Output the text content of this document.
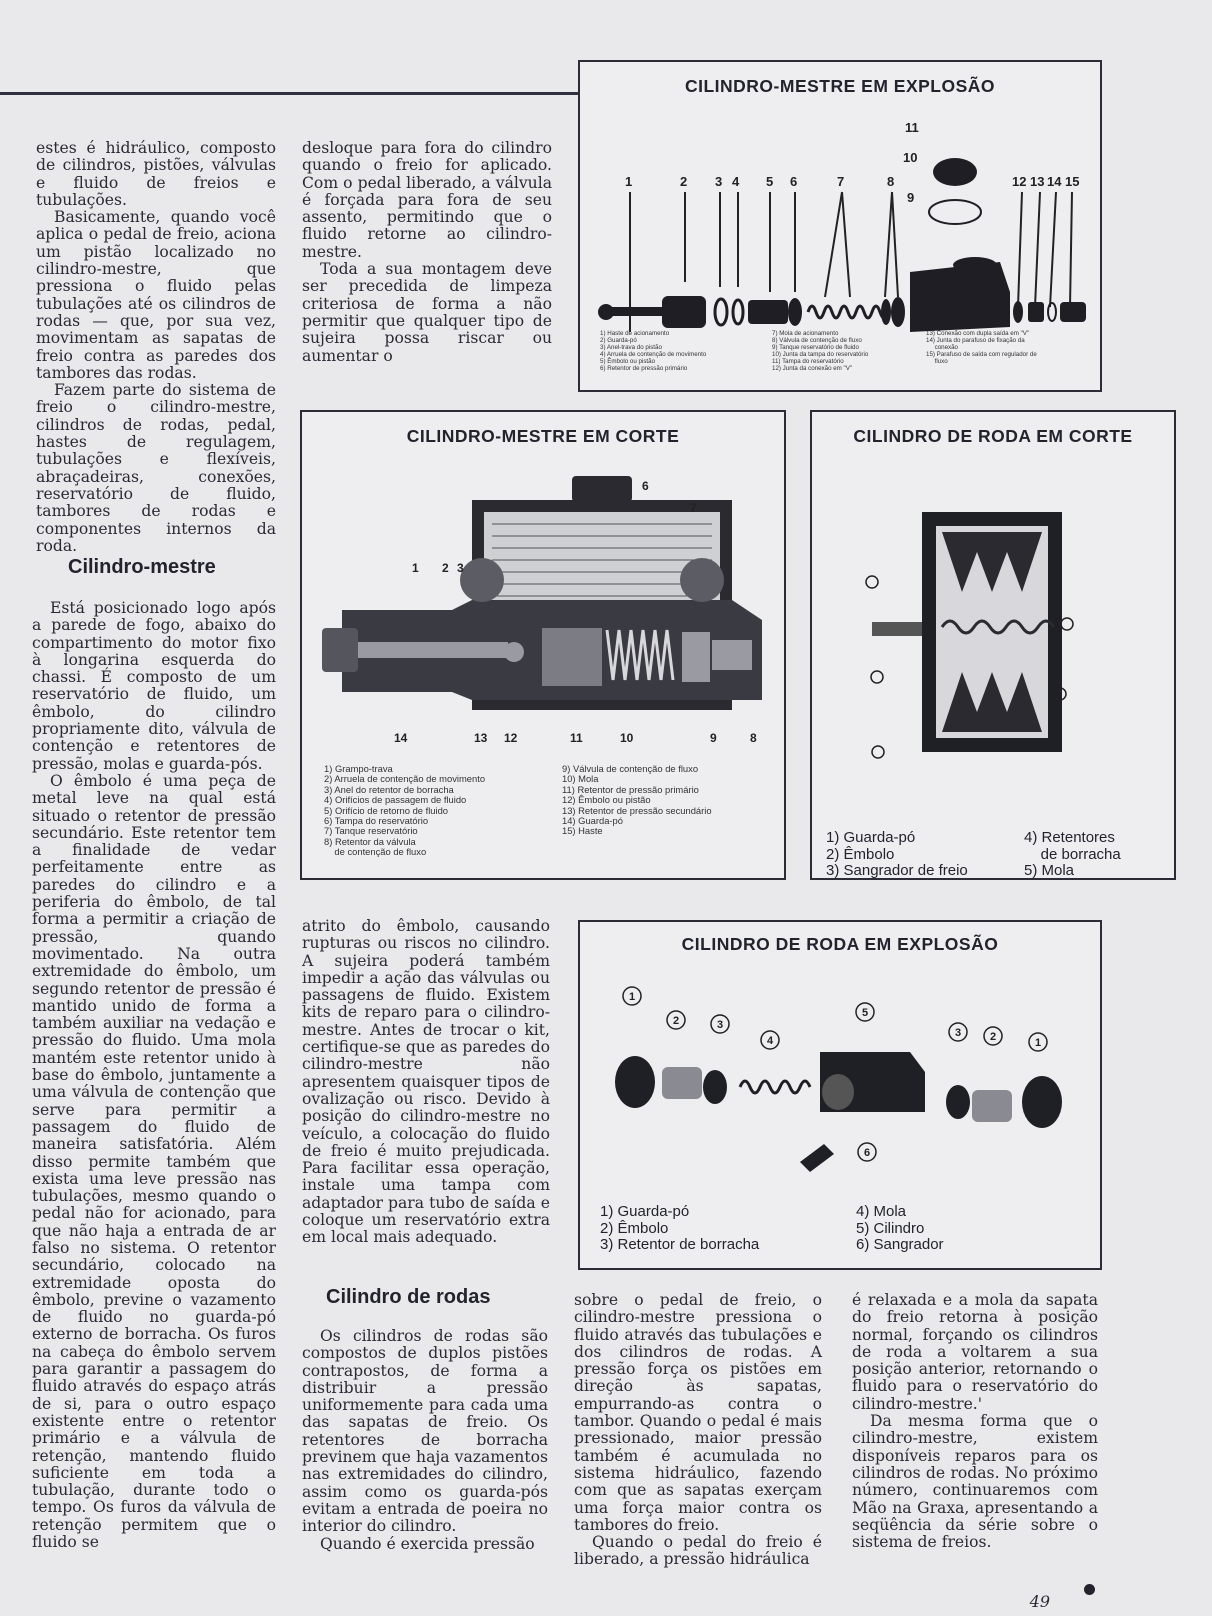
estes é hidráulico, composto de cilindros, pistões, válvulas e fluido de freios e tubulações.

Basicamente, quando você aplica o pedal de freio, aciona um pistão localizado no cilindro-mestre, que pressiona o fluido pelas tubulações até os cilindros de rodas — que, por sua vez, movimentam as sapatas de freio contra as paredes dos tambores das rodas.

Fazem parte do sistema de freio o cilindro-mestre, cilindros de rodas, pedal, hastes de regulagem, tubulações e flexíveis, abraçadeiras, conexões, reservatório de fluido, tambores de rodas e componentes internos da roda.

Cilindro-mestre

Está posicionado logo após a parede de fogo, abaixo do compartimento do motor fixo à longarina esquerda do chassi. É composto de um reservatório de fluido, um êmbolo, do cilindro propriamente dito, válvula de contenção e retentores de pressão, molas e guarda-pós.

O êmbolo é uma peça de metal leve na qual está situado o retentor de pressão secundário. Este retentor tem a finalidade de vedar perfeitamente entre as paredes do cilindro e a periferia do êmbolo, de tal forma a permitir a criação de pressão, quando movimentado. Na outra extremidade do êmbolo, um segundo retentor de pressão é mantido unido de forma a também auxiliar na vedação e pressão do fluido. Uma mola mantém este retentor unido à base do êmbolo, juntamente a uma válvula de contenção que serve para permitir a passagem do fluido de maneira satisfatória. Além disso permite também que exista uma leve pressão nas tubulações, mesmo quando o pedal não for acionado, para que não haja a entrada de ar falso no sistema. O retentor secundário, colocado na extremidade oposta do êmbolo, previne o vazamento de fluido no guarda-pó externo de borracha. Os furos na cabeça do êmbolo servem para garantir a passagem do fluido através do espaço atrás de si, para o outro espaço existente entre o retentor primário e a válvula de retenção, mantendo fluido suficiente em toda a tubulação, durante todo o tempo. Os furos da válvula de retenção permitem que o fluido se

desloque para fora do cilindro quando o freio for aplicado. Com o pedal liberado, a válvula é forçada para fora de seu assento, permitindo que o fluido retorne ao cilindro-mestre.

Toda a sua montagem deve ser precedida de limpeza criteriosa de forma a não permitir que qualquer tipo de sujeira possa riscar ou aumentar o

atrito do êmbolo, causando rupturas ou riscos no cilindro. A sujeira poderá também impedir a ação das válvulas ou passagens de fluido. Existem kits de reparo para o cilindro-mestre. Antes de trocar o kit, certifique-se que as paredes do cilindro-mestre não apresentem quaisquer tipos de ovalização ou risco. Devido à posição do cilindro-mestre no veículo, a colocação do fluido de freio é muito prejudicada. Para facilitar essa operação, instale uma tampa com adaptador para tubo de saída e coloque um reservatório extra em local mais adequado.

Cilindro de rodas

Os cilindros de rodas são compostos de duplos pistões contrapostos, de forma a distribuir a pressão uniformemente para cada uma das sapatas de freio. Os retentores de borracha previnem que haja vazamentos nas extremidades do cilindro, assim como os guarda-pós evitam a entrada de poeira no interior do cilindro.

Quando é exercida pressão

sobre o pedal de freio, o cilindro-mestre pressiona o fluido através das tubulações e dos cilindros de rodas. A pressão força os pistões em direção às sapatas, empurrando-as contra o tambor. Quando o pedal é mais pressionado, maior pressão também é acumulada no sistema hidráulico, fazendo com que as sapatas exerçam uma força maior contra os tambores do freio.

Quando o pedal do freio é liberado, a pressão hidráulica

é relaxada e a mola da sapata do freio retorna à posição normal, forçando os cilindros de roda a voltarem a sua posição anterior, retornando o fluido para o reservatório do cilindro-mestre.'

Da mesma forma que o cilindro-mestre, existem disponíveis reparos para os cilindros de rodas. No próximo número, continuaremos com Mão na Graxa, apresentando a seqüência da série sobre o sistema de freios.

CILINDRO-MESTRE EM EXPLOSÃO
1	2 3 4 5 6	7	8
9
10
11
12 13 14 15
1) Haste de acionamento
2) Guarda-pó
3) Anel-trava do pistão
4) Arruela de contenção de movimento
5) Êmbolo ou pistão
6) Retentor de pressão primário
7) Mola de acionamento
8) Válvula de contenção de fluxo
9) Tanque reservatório de fluido
10) Junta da tampa do reservatório
11) Tampa do reservatório
12) Junta da conexão em "V"
13) Conexão com dupla saída em "V"
14) Junta do parafuso de fixação da
conexão
15) Parafuso de saída com regulador de
fluxo
CILINDRO-MESTRE EM CORTE
1 2 3
6
7
14	13 12	11	10	9	8
1) Grampo-trava
2) Arruela de contenção de movimento
3) Anel do retentor de borracha
4) Orifícios de passagem de fluido
5) Orifício de retorno de fluido
6) Tampa do reservatório
7) Tanque reservatório
8) Retentor da válvula
de contenção de fluxo
9) Válvula de contenção de fluxo
10) Mola
11) Retentor de pressão primário
12) Êmbolo ou pistão
13) Retentor de pressão secundário
14) Guarda-pó
15) Haste
CILINDRO DE RODA EM CORTE
1) Guarda-pó
2) Êmbolo
3) Sangrador de freio
4) Retentores
de borracha
5) Mola
CILINDRO DE RODA EM EXPLOSÃO
1
2	3
4
5
3	2	1
6
1) Guarda-pó
2) Êmbolo
3) Retentor de borracha
4) Mola
5) Cilindro
6) Sangrador
49
